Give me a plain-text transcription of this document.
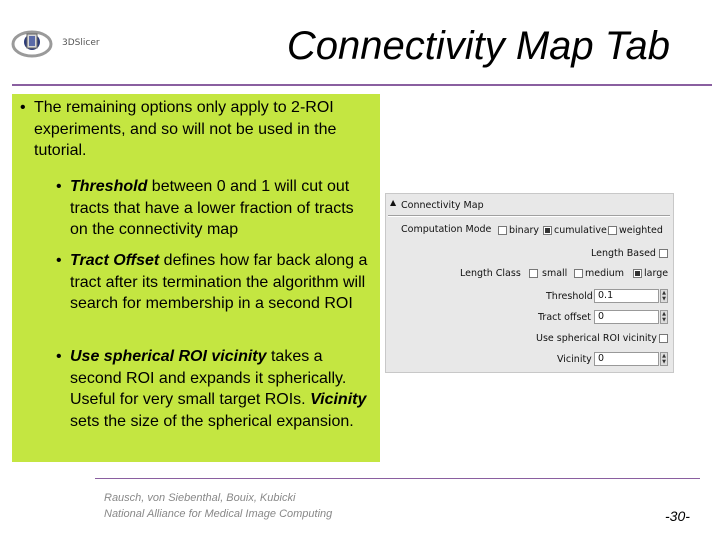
3DSlicer	Connectivity Map Tab
• The remaining options only apply to 2-ROI experiments, and so will not be used in the tutorial.
• Threshold between 0 and 1 will cut out tracts that have a lower fraction of tracts on the connectivity map
• Tract Offset defines how far back along a tract after its termination the algorithm will search for membership in a second ROI
• Use spherical ROI vicinity takes a second ROI and expands it spherically. Useful for very small target ROIs. Vicinity sets the size of the spherical expansion.
▲ Connectivity Map
Computation Mode binary cumulative weighted
Length Based
Length Class small medium large
Threshold 0.1	▲
▼
Tract offset 0	▲
▼
Use spherical ROI vicinity
Vicinity 0	▲
▼
Rausch, von Siebenthal, Bouix, Kubicki
National Alliance for Medical Image Computing	-30-
